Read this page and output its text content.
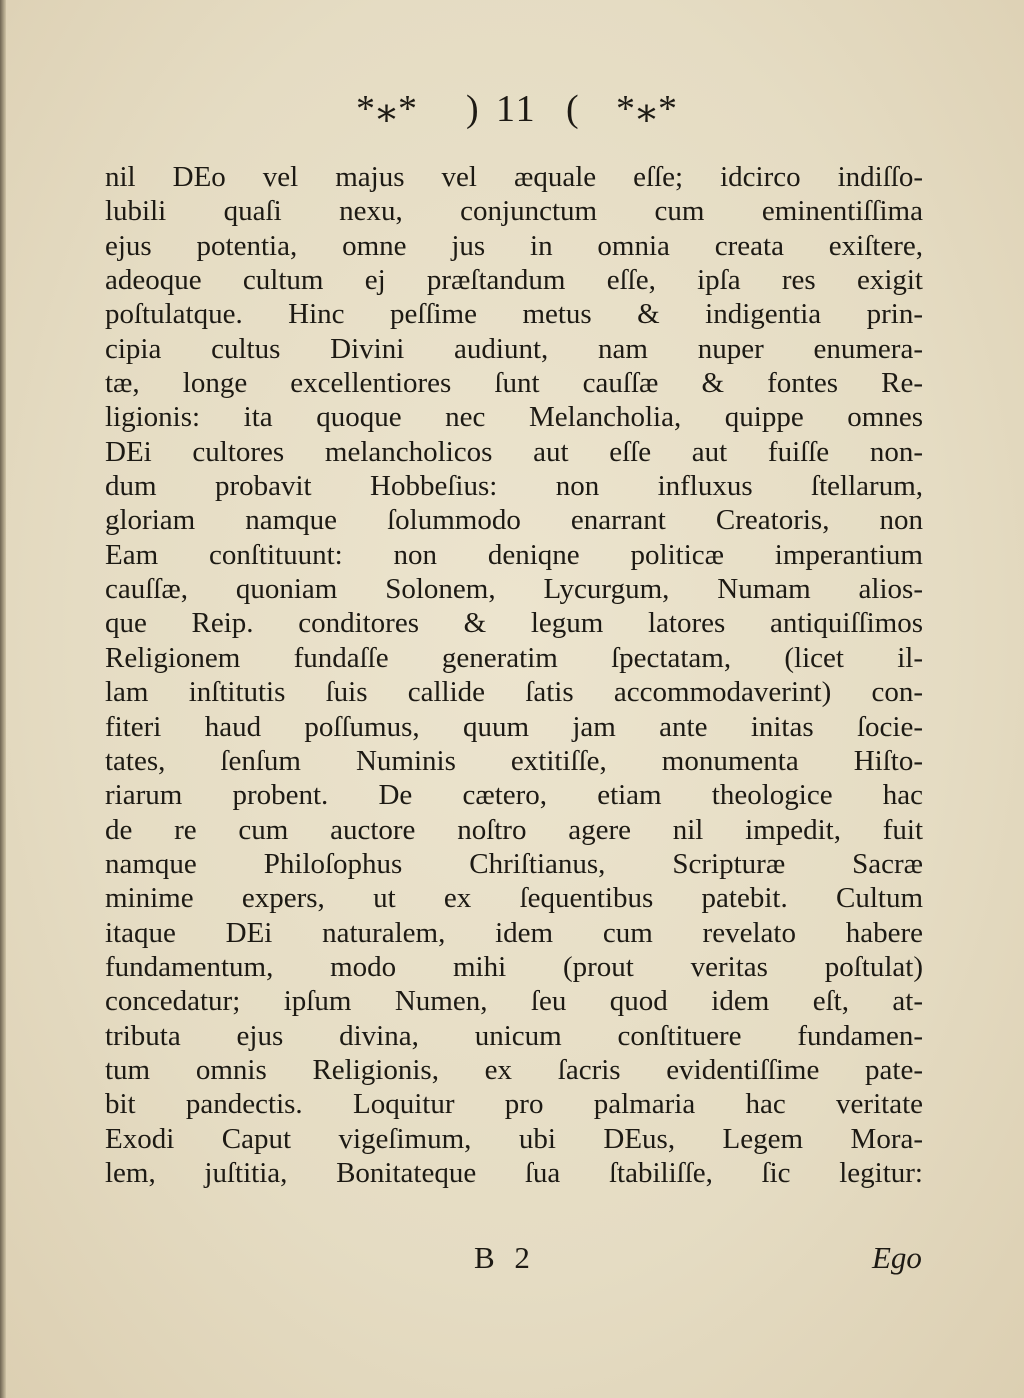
*⁎* ) 11 ( *⁎*
nil DEo vel majus vel æquale eſſe; idcirco indiſſo-
lubili quaſi nexu, conjunctum cum eminentiſſima
ejus potentia, omne jus in omnia creata exiſtere,
adeoque cultum ej præſtandum eſſe, ipſa res exigit
poſtulatque. Hinc peſſime metus & indigentia prin-
cipia cultus Divini audiunt, nam nuper enumera-
tæ, longe excellentiores ſunt cauſſæ & fontes Re-
ligionis: ita quoque nec Melancholia, quippe omnes
DEi cultores melancholicos aut eſſe aut fuiſſe non-
dum probavit Hobbeſius: non influxus ſtellarum,
gloriam namque ſolummodo enarrant Creatoris, non
Eam conſtituunt: non deniqne politicæ imperantium
cauſſæ, quoniam Solonem, Lycurgum, Numam alios-
que Reip. conditores & legum latores antiquiſſimos
Religionem fundaſſe generatim ſpectatam, (licet il-
lam inſtitutis ſuis callide ſatis accommodaverint) con-
fiteri haud poſſumus, quum jam ante initas ſocie-
tates, ſenſum Numinis extitiſſe, monumenta Hiſto-
riarum probent. De cætero, etiam theologice hac
de re cum auctore noſtro agere nil impedit, fuit
namque Philoſophus Chriſtianus, Scripturæ Sacræ
minime expers, ut ex ſequentibus patebit. Cultum
itaque DEi naturalem, idem cum revelato habere
fundamentum, modo mihi (prout veritas poſtulat)
concedatur; ipſum Numen, ſeu quod idem eſt, at-
tributa ejus divina, unicum conſtituere fundamen-
tum omnis Religionis, ex ſacris evidentiſſime pate-
bit pandectis. Loquitur pro palmaria hac veritate
Exodi Caput vigeſimum, ubi DEus, Legem Mora-
lem, juſtitia, Bonitateque ſua ſtabiliſſe, ſic legitur:
B 2	Ego
